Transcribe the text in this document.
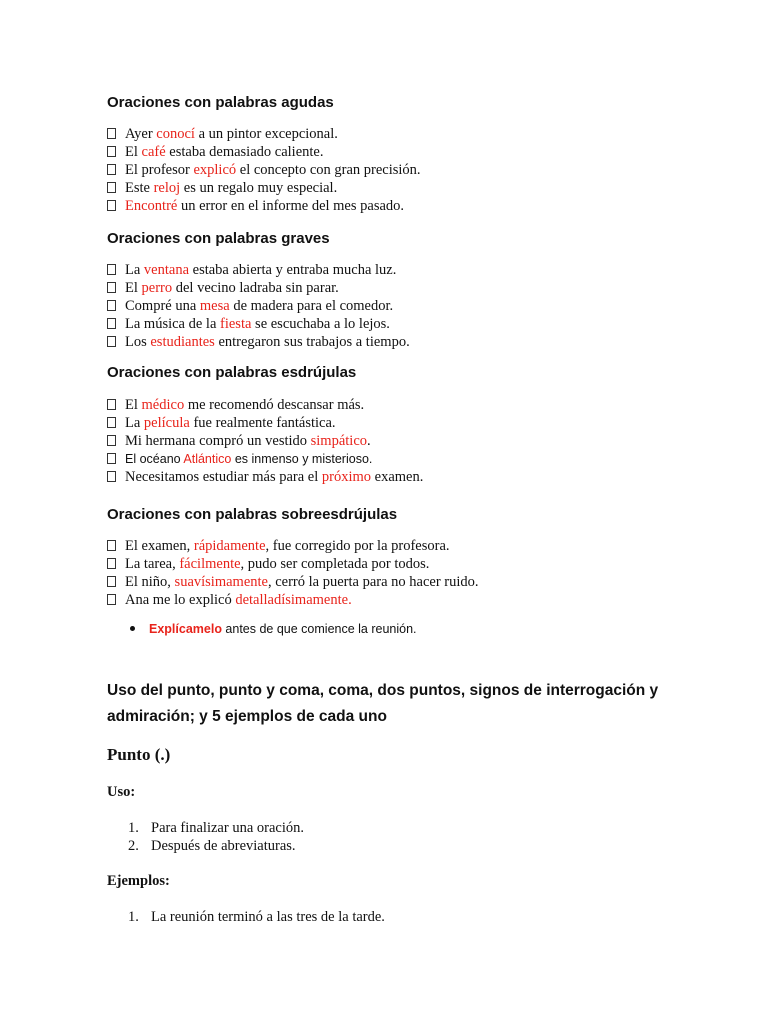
Oraciones con palabras agudas
Ayer conocí a un pintor excepcional.
El café estaba demasiado caliente.
El profesor explicó el concepto con gran precisión.
Este reloj es un regalo muy especial.
Encontré un error en el informe del mes pasado.
Oraciones con palabras graves
La ventana estaba abierta y entraba mucha luz.
El perro del vecino ladraba sin parar.
Compré una mesa de madera para el comedor.
La música de la fiesta se escuchaba a lo lejos.
Los estudiantes entregaron sus trabajos a tiempo.
Oraciones con palabras esdrújulas
El médico me recomendó descansar más.
La película fue realmente fantástica.
Mi hermana compró un vestido simpático.
El océano Atlántico es inmenso y misterioso.
Necesitamos estudiar más para el próximo examen.
Oraciones con palabras sobreesdrújulas
El examen, rápidamente, fue corregido por la profesora.
La tarea, fácilmente, pudo ser completada por todos.
El niño, suavísimamente, cerró la puerta para no hacer ruido.
Ana me lo explicó detalladísimamente.
Explícamelo antes de que comience la reunión.
Uso del punto, punto y coma, coma, dos puntos, signos de interrogación y admiración; y 5 ejemplos de cada uno
Punto (.)
Uso:
1. Para finalizar una oración.
2. Después de abreviaturas.
Ejemplos:
1. La reunión terminó a las tres de la tarde.
